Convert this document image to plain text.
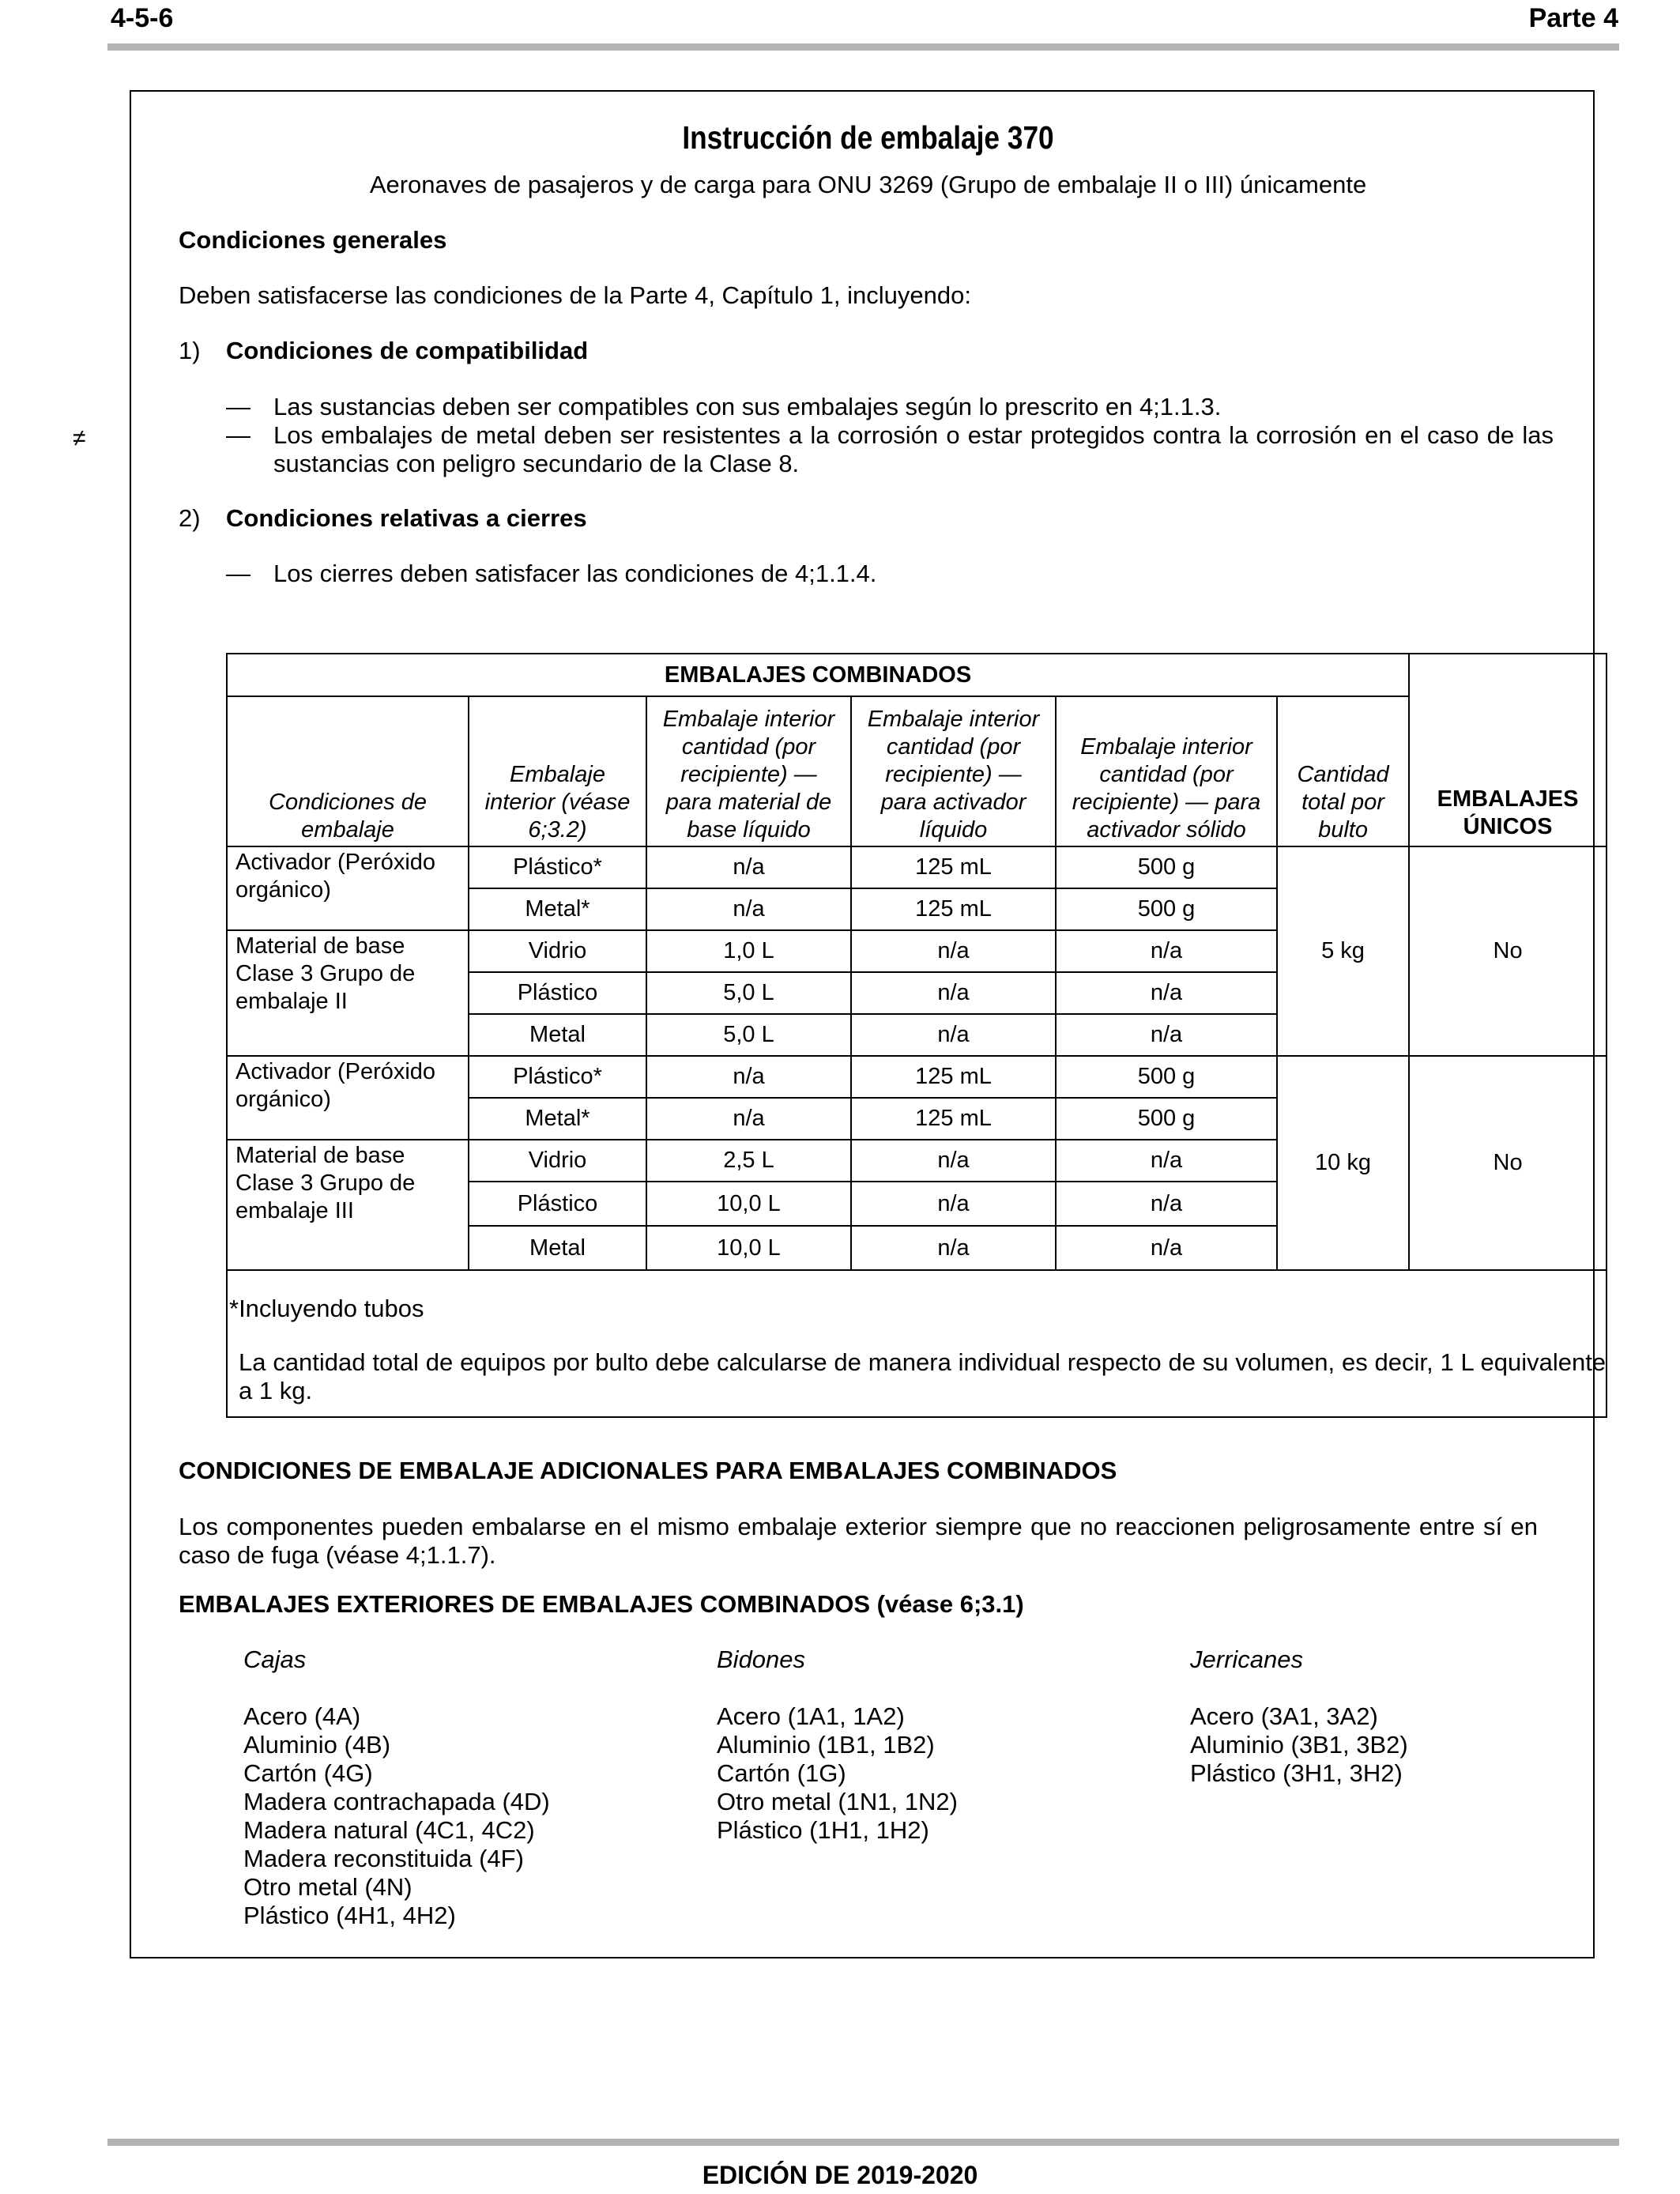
4-5-6	Parte 4
≠
Instrucción de embalaje 370
Aeronaves de pasajeros y de carga para ONU 3269 (Grupo de embalaje II o III) únicamente
Condiciones generales
Deben satisfacerse las condiciones de la Parte 4, Capítulo 1, incluyendo:
1) Condiciones de compatibilidad
— Las sustancias deben ser compatibles con sus embalajes según lo prescrito en 4;1.1.3.
— Los embalajes de metal deben ser resistentes a la corrosión o estar protegidos contra la corrosión en el caso de las sustancias con peligro secundario de la Clase 8.
2) Condiciones relativas a cierres
— Los cierres deben satisfacer las condiciones de 4;1.1.4.
EMBALAJES COMBINADOS						EMBALAJES ÚNICOS
Condiciones de embalaje	Embalaje interior (véase 6;3.2)	Embalaje interior cantidad (por recipiente) — para material de base líquido	Embalaje interior cantidad (por recipiente) — para activador líquido	Embalaje interior cantidad (por recipiente) — para activador sólido	Cantidad total por bulto	
Activador (Peróxido orgánico)	Plástico*	n/a	125 mL	500 g	5 kg	No
	Metal*	n/a	125 mL	500 g		
Material de base Clase 3 Grupo de embalaje II	Vidrio	1,0 L	n/a	n/a		
	Plástico	5,0 L	n/a	n/a		
	Metal	5,0 L	n/a	n/a		
Activador (Peróxido orgánico)	Plástico*	n/a	125 mL	500 g	10 kg	No
	Metal*	n/a	125 mL	500 g		
Material de base Clase 3 Grupo de embalaje III	Vidrio	2,5 L	n/a	n/a		
	Plástico	10,0 L	n/a	n/a		
	Metal	10,0 L	n/a	n/a		

*Incluyendo tubos
La cantidad total de equipos por bulto debe calcularse de manera individual respecto de su volumen, es decir, 1 L equivalente a 1 kg.						
CONDICIONES DE EMBALAJE ADICIONALES PARA EMBALAJES COMBINADOS
Los componentes pueden embalarse en el mismo embalaje exterior siempre que no reaccionen peligrosamente entre sí en caso de fuga (véase 4;1.1.7).
EMBALAJES EXTERIORES DE EMBALAJES COMBINADOS (véase 6;3.1)
Cajas
Acero (4A)
Aluminio (4B)
Cartón (4G)
Madera contrachapada (4D)
Madera natural (4C1, 4C2)
Madera reconstituida (4F)
Otro metal (4N)
Plástico (4H1, 4H2)
Bidones
Acero (1A1, 1A2)
Aluminio (1B1, 1B2)
Cartón (1G)
Otro metal (1N1, 1N2)
Plástico (1H1, 1H2)
Jerricanes
Acero (3A1, 3A2)
Aluminio (3B1, 3B2)
Plástico (3H1, 3H2)
EDICIÓN DE 2019-2020
